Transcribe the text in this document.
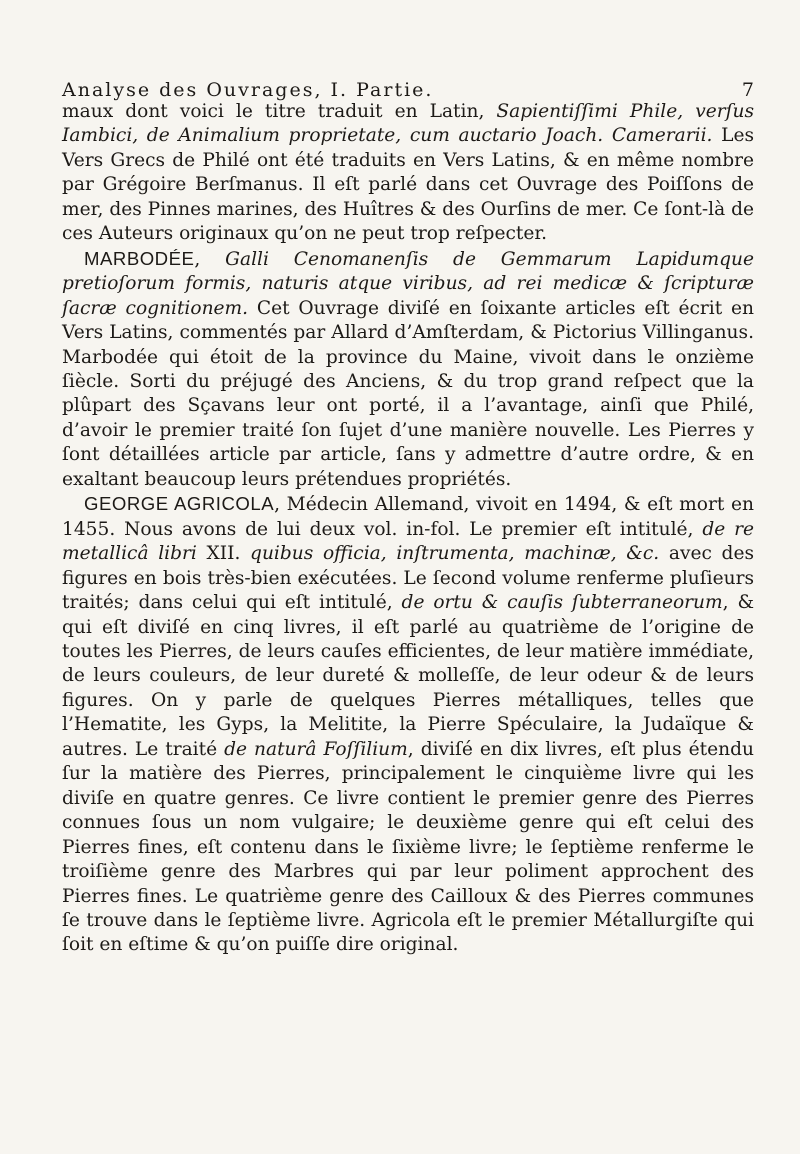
Analyse des Ouvrages, I. Partie.	7

maux dont voici le titre traduit en Latin, Sapientiſſimi Phile, verſus Iambici, de Animalium proprietate, cum auctario Joach. Camerarii. Les Vers Grecs de Philé ont été traduits en Vers Latins, & en même nombre par Grégoire Berſmanus. Il eſt parlé dans cet Ouvrage des Poiſſons de mer, des Pinnes marines, des Huîtres & des Ourſins de mer. Ce ſont-là de ces Auteurs originaux qu’on ne peut trop reſpecter.

MARBODÉE, Galli Cenomanenſis de Gemmarum Lapidumque pretioſorum formis, naturis atque viribus, ad rei medicæ & ſcripturæ ſacræ cognitionem. Cet Ouvrage diviſé en ſoixante articles eſt écrit en Vers Latins, commentés par Allard d’Amſterdam, & Pictorius Villinganus. Marbodée qui étoit de la province du Maine, vivoit dans le onzième ſiècle. Sorti du préjugé des Anciens, & du trop grand reſpect que la plûpart des Sçavans leur ont porté, il a l’avantage, ainſi que Philé, d’avoir le premier traité ſon ſujet d’une manière nouvelle. Les Pierres y ſont détaillées article par article, ſans y admettre d’autre ordre, & en exaltant beaucoup leurs prétendues propriétés.

GEORGE AGRICOLA, Médecin Allemand, vivoit en 1494, & eſt mort en 1455. Nous avons de lui deux vol. in-fol. Le premier eſt intitulé, de re metallicâ libri XII. quibus officia, inſtrumenta, machinæ, &c. avec des figures en bois très-bien exécutées. Le ſecond volume renferme pluſieurs traités; dans celui qui eſt intitulé, de ortu & cauſis ſubterraneorum, & qui eſt diviſé en cinq livres, il eſt parlé au quatrième de l’origine de toutes les Pierres, de leurs cauſes efficientes, de leur matière immédiate, de leurs couleurs, de leur dureté & molleſſe, de leur odeur & de leurs figures. On y parle de quelques Pierres métalliques, telles que l’Hematite, les Gyps, la Melitite, la Pierre Spéculaire, la Judaïque & autres. Le traité de naturâ Foſſilium, diviſé en dix livres, eſt plus étendu ſur la matière des Pierres, principalement le cinquième livre qui les diviſe en quatre genres. Ce livre contient le premier genre des Pierres connues ſous un nom vulgaire; le deuxième genre qui eſt celui des Pierres fines, eſt contenu dans le ſixième livre; le ſeptième renferme le troiſième genre des Marbres qui par leur poliment approchent des Pierres fines. Le quatrième genre des Cailloux & des Pierres communes ſe trouve dans le ſeptième livre. Agricola eſt le premier Métallurgiſte qui ſoit en eſtime & qu’on puiſſe dire original.
